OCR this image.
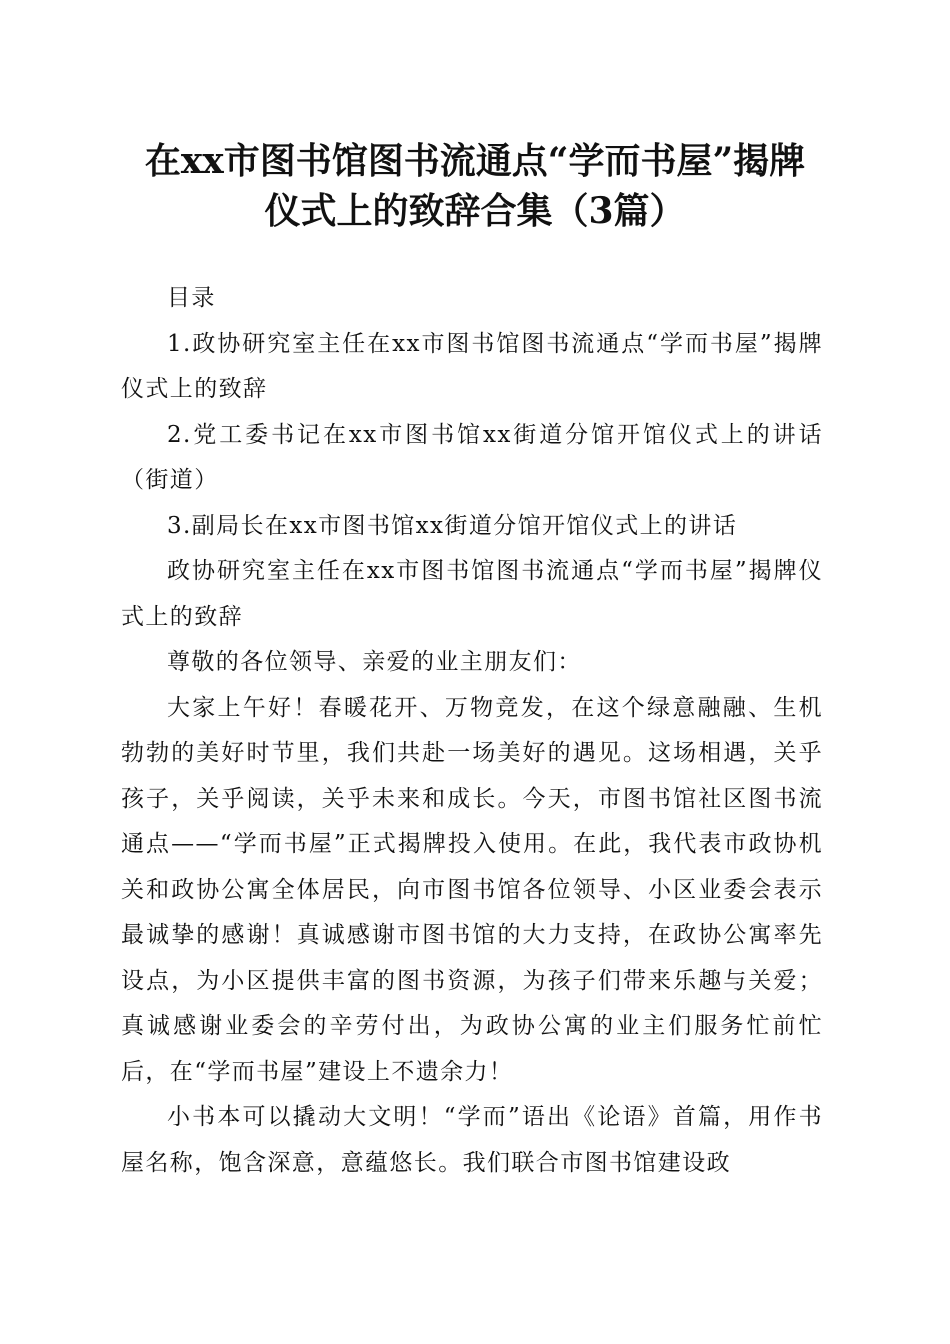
在xx市图书馆图书流通点“学而书屋”揭牌
仪式上的致辞合集（3篇）

目录

1.政协研究室主任在xx市图书馆图书流通点“学而书屋”揭牌仪式上的致辞

2.党工委书记在xx市图书馆xx街道分馆开馆仪式上的讲话（街道）

3.副局长在xx市图书馆xx街道分馆开馆仪式上的讲话

政协研究室主任在xx市图书馆图书流通点“学而书屋”揭牌仪式上的致辞

尊敬的各位领导、亲爱的业主朋友们：

大家上午好！春暖花开、万物竞发，在这个绿意融融、生机勃勃的美好时节里，我们共赴一场美好的遇见。这场相遇，关乎孩子，关乎阅读，关乎未来和成长。今天，市图书馆社区图书流通点——“学而书屋”正式揭牌投入使用。在此，我代表市政协机关和政协公寓全体居民，向市图书馆各位领导、小区业委会表示最诚挚的感谢！真诚感谢市图书馆的大力支持，在政协公寓率先设点，为小区提供丰富的图书资源，为孩子们带来乐趣与关爱；真诚感谢业委会的辛劳付出，为政协公寓的业主们服务忙前忙后，在“学而书屋”建设上不遗余力！

小书本可以撬动大文明！“学而”语出《论语》首篇，用作书屋名称，饱含深意，意蕴悠长。我们联合市图书馆建设政
